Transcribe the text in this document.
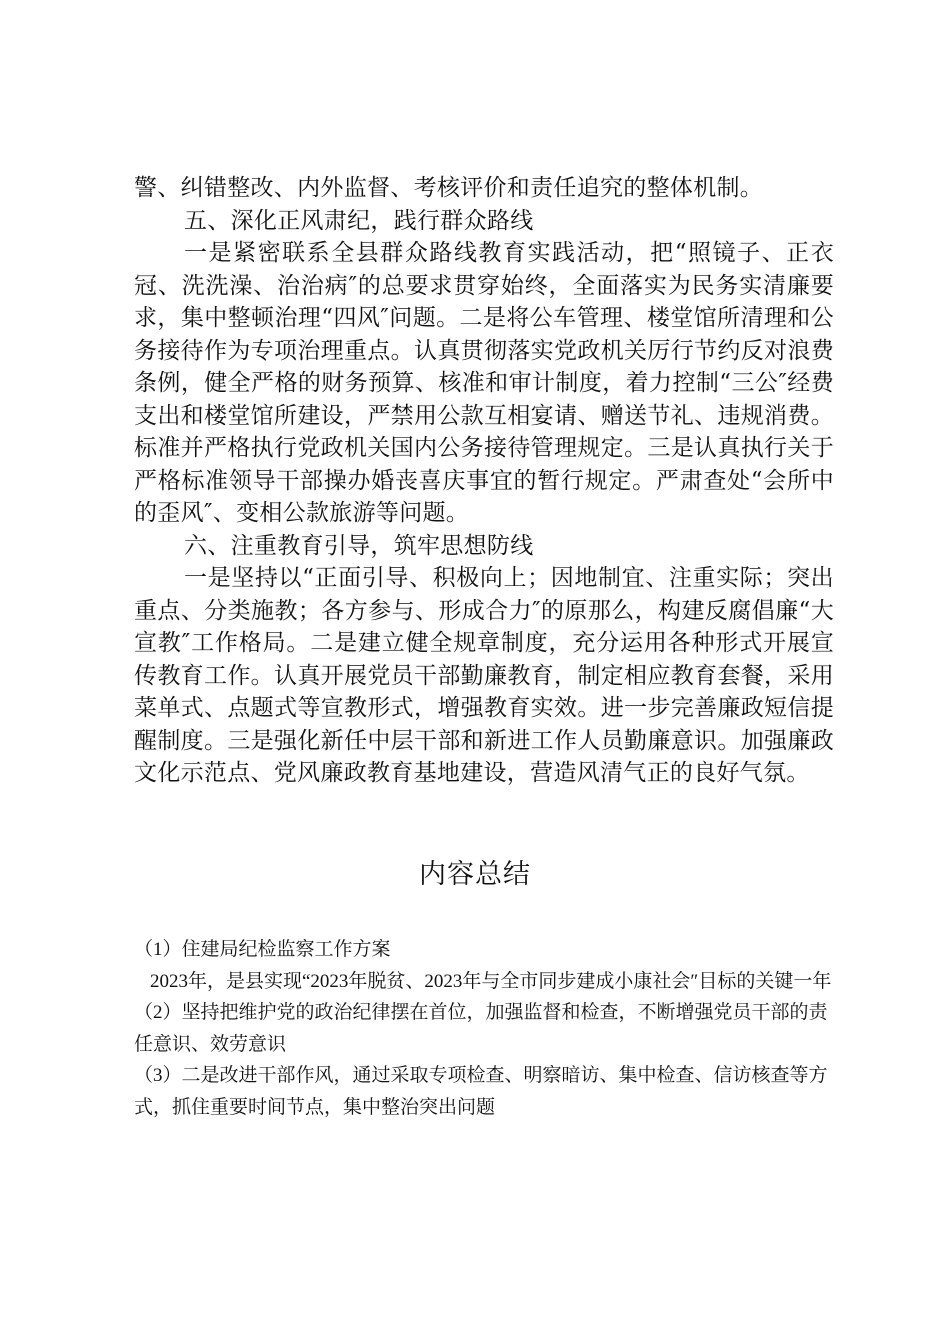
警、纠错整改、内外监督、考核评价和责任追究的整体机制。

五、深化正风肃纪，践行群众路线

一是紧密联系全县群众路线教育实践活动，把“照镜子、正衣冠、洗洗澡、治治病″的总要求贯穿始终，全面落实为民务实清廉要求，集中整顿治理“四风″问题。二是将公车管理、楼堂馆所清理和公务接待作为专项治理重点。认真贯彻落实党政机关厉行节约反对浪费条例，健全严格的财务预算、核准和审计制度，着力控制“三公″经费支出和楼堂馆所建设，严禁用公款互相宴请、赠送节礼、违规消费。标准并严格执行党政机关国内公务接待管理规定。三是认真执行关于严格标准领导干部操办婚丧喜庆事宜的暂行规定。严肃查处“会所中的歪风″、变相公款旅游等问题。

六、注重教育引导，筑牢思想防线

一是坚持以“正面引导、积极向上；因地制宜、注重实际；突出重点、分类施教；各方参与、形成合力″的原那么，构建反腐倡廉“大宣教″工作格局。二是建立健全规章制度，充分运用各种形式开展宣传教育工作。认真开展党员干部勤廉教育，制定相应教育套餐，采用菜单式、点题式等宣教形式，增强教育实效。进一步完善廉政短信提醒制度。三是强化新任中层干部和新进工作人员勤廉意识。加强廉政文化示范点、党风廉政教育基地建设，营造风清气正的良好气氛。

内容总结

（1）住建局纪检监察工作方案

2023年，是县实现“2023年脱贫、2023年与全市同步建成小康社会″目标的关键一年

（2）坚持把维护党的政治纪律摆在首位，加强监督和检查，不断增强党员干部的责任意识、效劳意识

（3）二是改进干部作风，通过采取专项检查、明察暗访、集中检查、信访核查等方式，抓住重要时间节点，集中整治突出问题
